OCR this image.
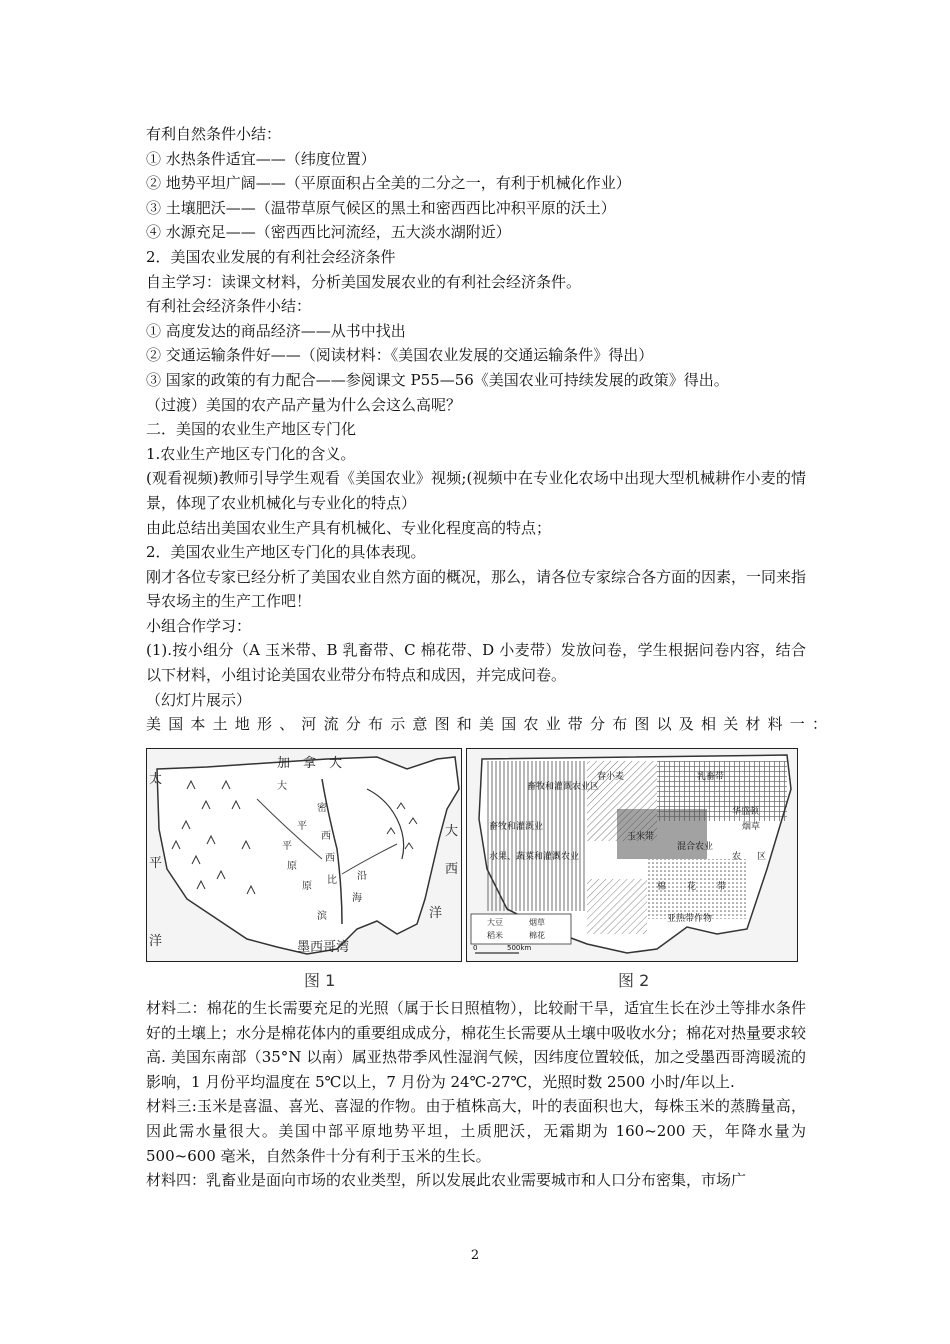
有利自然条件小结：
① 水热条件适宜——（纬度位置）
② 地势平坦广阔——（平原面积占全美的二分之一，有利于机械化作业）
③ 土壤肥沃——（温带草原气候区的黑土和密西西比冲积平原的沃土）
④ 水源充足——（密西西比河流经，五大淡水湖附近）
2．美国农业发展的有利社会经济条件
自主学习：读课文材料，分析美国发展农业的有利社会经济条件。
有利社会经济条件小结：
① 高度发达的商品经济——从书中找出
② 交通运输条件好——（阅读材料：《美国农业发展的交通运输条件》得出）
③ 国家的政策的有力配合——参阅课文 P55—56《美国农业可持续发展的政策》得出。
（过渡）美国的农产品产量为什么会这么高呢？
二．美国的农业生产地区专门化
1.农业生产地区专门化的含义。
(观看视频)教师引导学生观看《美国农业》视频;(视频中在专业化农场中出现大型机械耕作小麦的情景，体现了农业机械化与专业化的特点）
由此总结出美国农业生产具有机械化、专业化程度高的特点；
2．美国农业生产地区专门化的具体表现。
刚才各位专家已经分析了美国农业自然方面的概况，那么，请各位专家综合各方面的因素，一同来指导农场主的生产工作吧！
小组合作学习：
(1).按小组分（A 玉米带、B 乳畜带、C 棉花带、D 小麦带）发放问卷，学生根据问卷内容，结合以下材料，小组讨论美国农业带分布特点和成因，并完成问卷。
（幻灯片展示）
美国本土地形、河流分布示意图和美国农业带分布图以及相关材料一：
加　拿　大
太
平
洋
大
西
洋
墨西哥湾
密
西
西
比
平
原
沿
海
滨
大
平
原
畜牧和灌溉农业区
春小麦
畜牧和灌溉业
水果、蔬菜和灌溉农业
乳畜带
玉米带
混合农业
棉 花 带
亚热带作物
烟草
华盛顿
区
农
大豆	烟草
稻米	棉花
0	500km
图 1	图 2
材料二：棉花的生长需要充足的光照（属于长日照植物），比较耐干旱，适宜生长在沙土等排水条件好的土壤上；水分是棉花体内的重要组成成分，棉花生长需要从土壤中吸收水分；棉花对热量要求较高. 美国东南部（35°N 以南）属亚热带季风性湿润气候，因纬度位置较低，加之受墨西哥湾暖流的影响，1 月份平均温度在 5℃以上，7 月份为 24℃-27℃，光照时数 2500 小时/年以上.
材料三:玉米是喜温、喜光、喜湿的作物。由于植株高大，叶的表面积也大，每株玉米的蒸腾量高，因此需水量很大。美国中部平原地势平坦，土质肥沃，无霜期为 160~200 天，年降水量为 500~600 毫米，自然条件十分有利于玉米的生长。
材料四：乳畜业是面向市场的农业类型，所以发展此农业需要城市和人口分布密集，市场广
2
